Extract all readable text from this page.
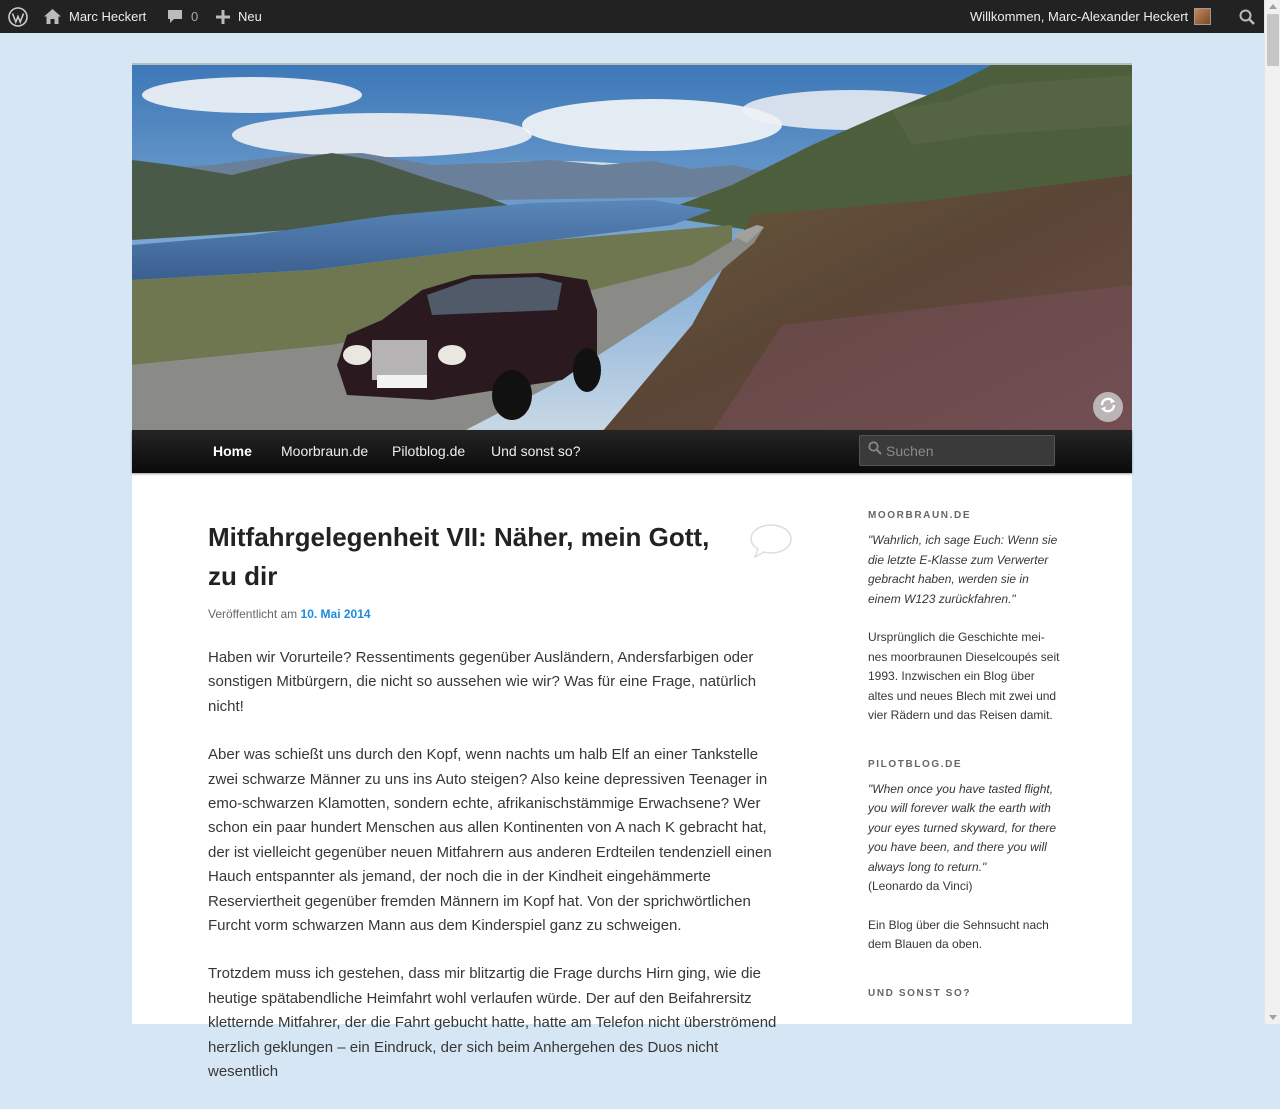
Marc Heckert	0	Neu	Willkommen, Marc-Alexander Heckert
Home Moorbraun.de Pilotblog.de Und sonst so?
Suchen
Mitfahrgelegenheit VII: Näher, mein Gott,
zu dir
Veröffentlicht am 10. Mai 2014

Haben wir Vorurteile? Ressentiments gegenüber Ausländern, Andersfarbigen oder sonstigen Mitbürgern, die nicht so aussehen wie wir? Was für eine Frage, natürlich nicht!

Aber was schießt uns durch den Kopf, wenn nachts um halb Elf an einer Tankstelle zwei schwarze Männer zu uns ins Auto steigen? Also keine depressiven Teenager in emo-schwarzen Klamotten, sondern echte, afrikanischstämmige Erwachsene? Wer schon ein paar hundert Menschen aus allen Kontinenten von A nach K gebracht hat, der ist vielleicht gegenüber neuen Mitfahrern aus anderen Erdteilen tendenziell einen Hauch entspannter als jemand, der noch die in der Kindheit eingehämmerte Reserviertheit gegenüber fremden Männern im Kopf hat. Von der sprichwörtlichen Furcht vorm schwarzen Mann aus dem Kinderspiel ganz zu schweigen.

Trotzdem muss ich gestehen, dass mir blitzartig die Frage durchs Hirn ging, wie die heutige spätabendliche Heimfahrt wohl verlaufen würde. Der auf den Beifahrersitz kletternde Mitfahrer, der die Fahrt gebucht hatte, hatte am Telefon nicht überströmend herzlich geklungen – ein Eindruck, der sich beim Anhergehen des Duos nicht wesentlich

MOORBRAUN.DE

"Wahrlich, ich sage Euch: Wenn sie die letzte E-Klasse zum Verwerter gebracht haben, werden sie in einem W123 zurückfahren."

Ursprünglich die Geschichte meines moorbraunen Dieselcoupés seit 1993. Inzwischen ein Blog über altes und neues Blech mit zwei und vier Rädern und das Reisen damit.

PILOTBLOG.DE

"When once you have tasted flight, you will forever walk the earth with your eyes turned skyward, for there you have been, and there you will always long to return."
(Leonardo da Vinci)

Ein Blog über die Sehnsucht nach dem Blauen da oben.

UND SONST SO?
